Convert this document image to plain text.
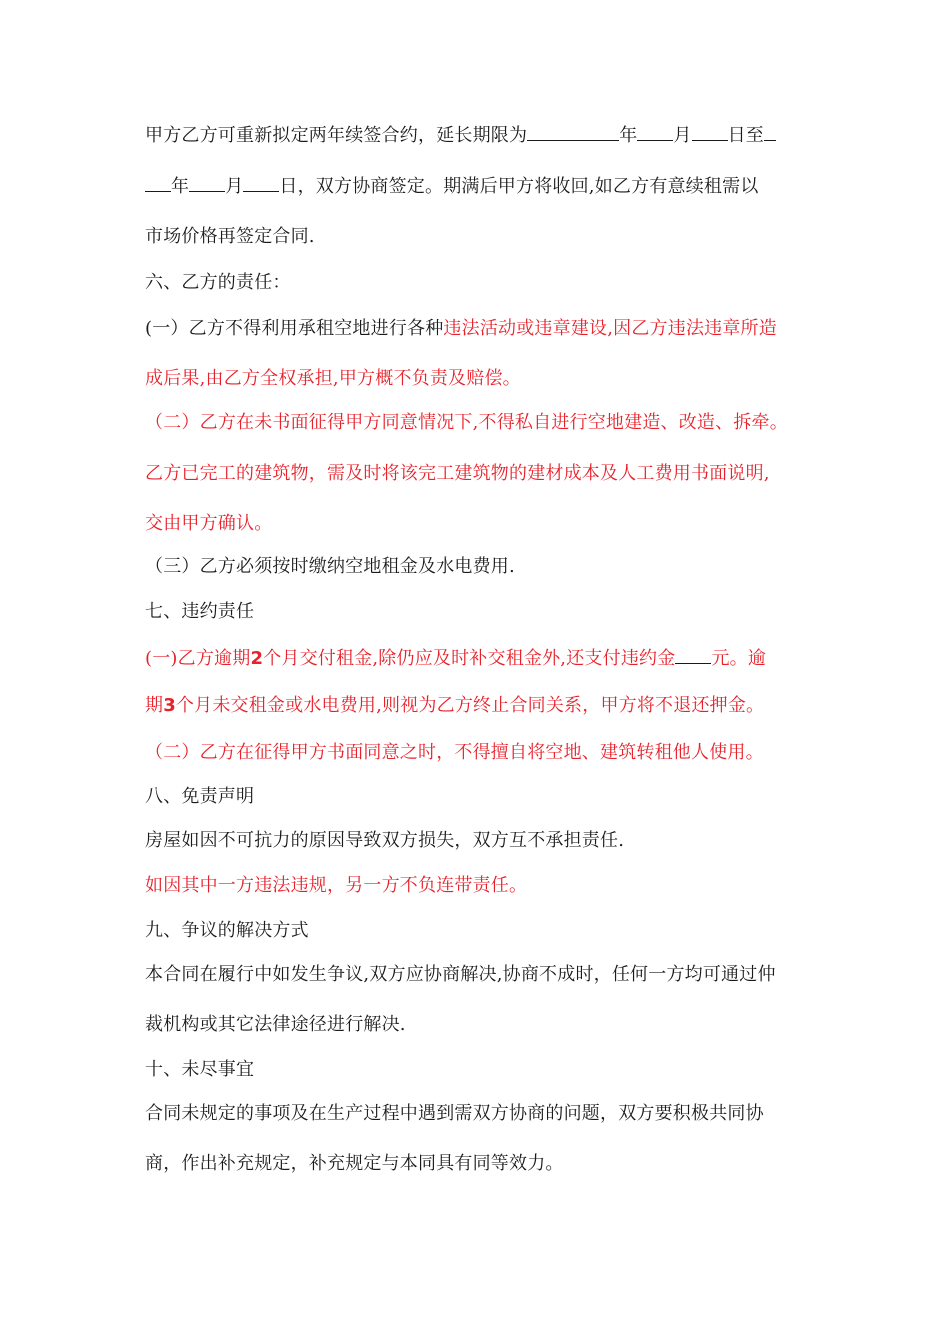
甲方乙方可重新拟定两年续签合约，延长期限为	年 月 日至
年 月 日，双方协商签定。期满后甲方将收回,如乙方有意续租需以
市场价格再签定合同.
六、乙方的责任：
(一）乙方不得利用承租空地进行各种违法活动或违章建设,因乙方违法违章所造
成后果,由乙方全权承担,甲方概不负责及赔偿。
（二）乙方在未书面征得甲方同意情况下,不得私自进行空地建造、改造、拆牵。
乙方已完工的建筑物，需及时将该完工建筑物的建材成本及人工费用书面说明,
交由甲方确认。
（三）乙方必须按时缴纳空地租金及水电费用.
七、违约责任
(一)乙方逾期2个月交付租金,除仍应及时补交租金外,还支付违约金 元。逾
期3个月未交租金或水电费用,则视为乙方终止合同关系，甲方将不退还押金。
（二）乙方在征得甲方书面同意之时，不得擅自将空地、建筑转租他人使用。
八、免责声明
房屋如因不可抗力的原因导致双方损失，双方互不承担责任.
如因其中一方违法违规，另一方不负连带责任。
九、争议的解决方式
本合同在履行中如发生争议,双方应协商解决,协商不成时，任何一方均可通过仲
裁机构或其它法律途径进行解决.
十、未尽事宜
合同未规定的事项及在生产过程中遇到需双方协商的问题，双方要积极共同协
商，作出补充规定，补充规定与本同具有同等效力。
